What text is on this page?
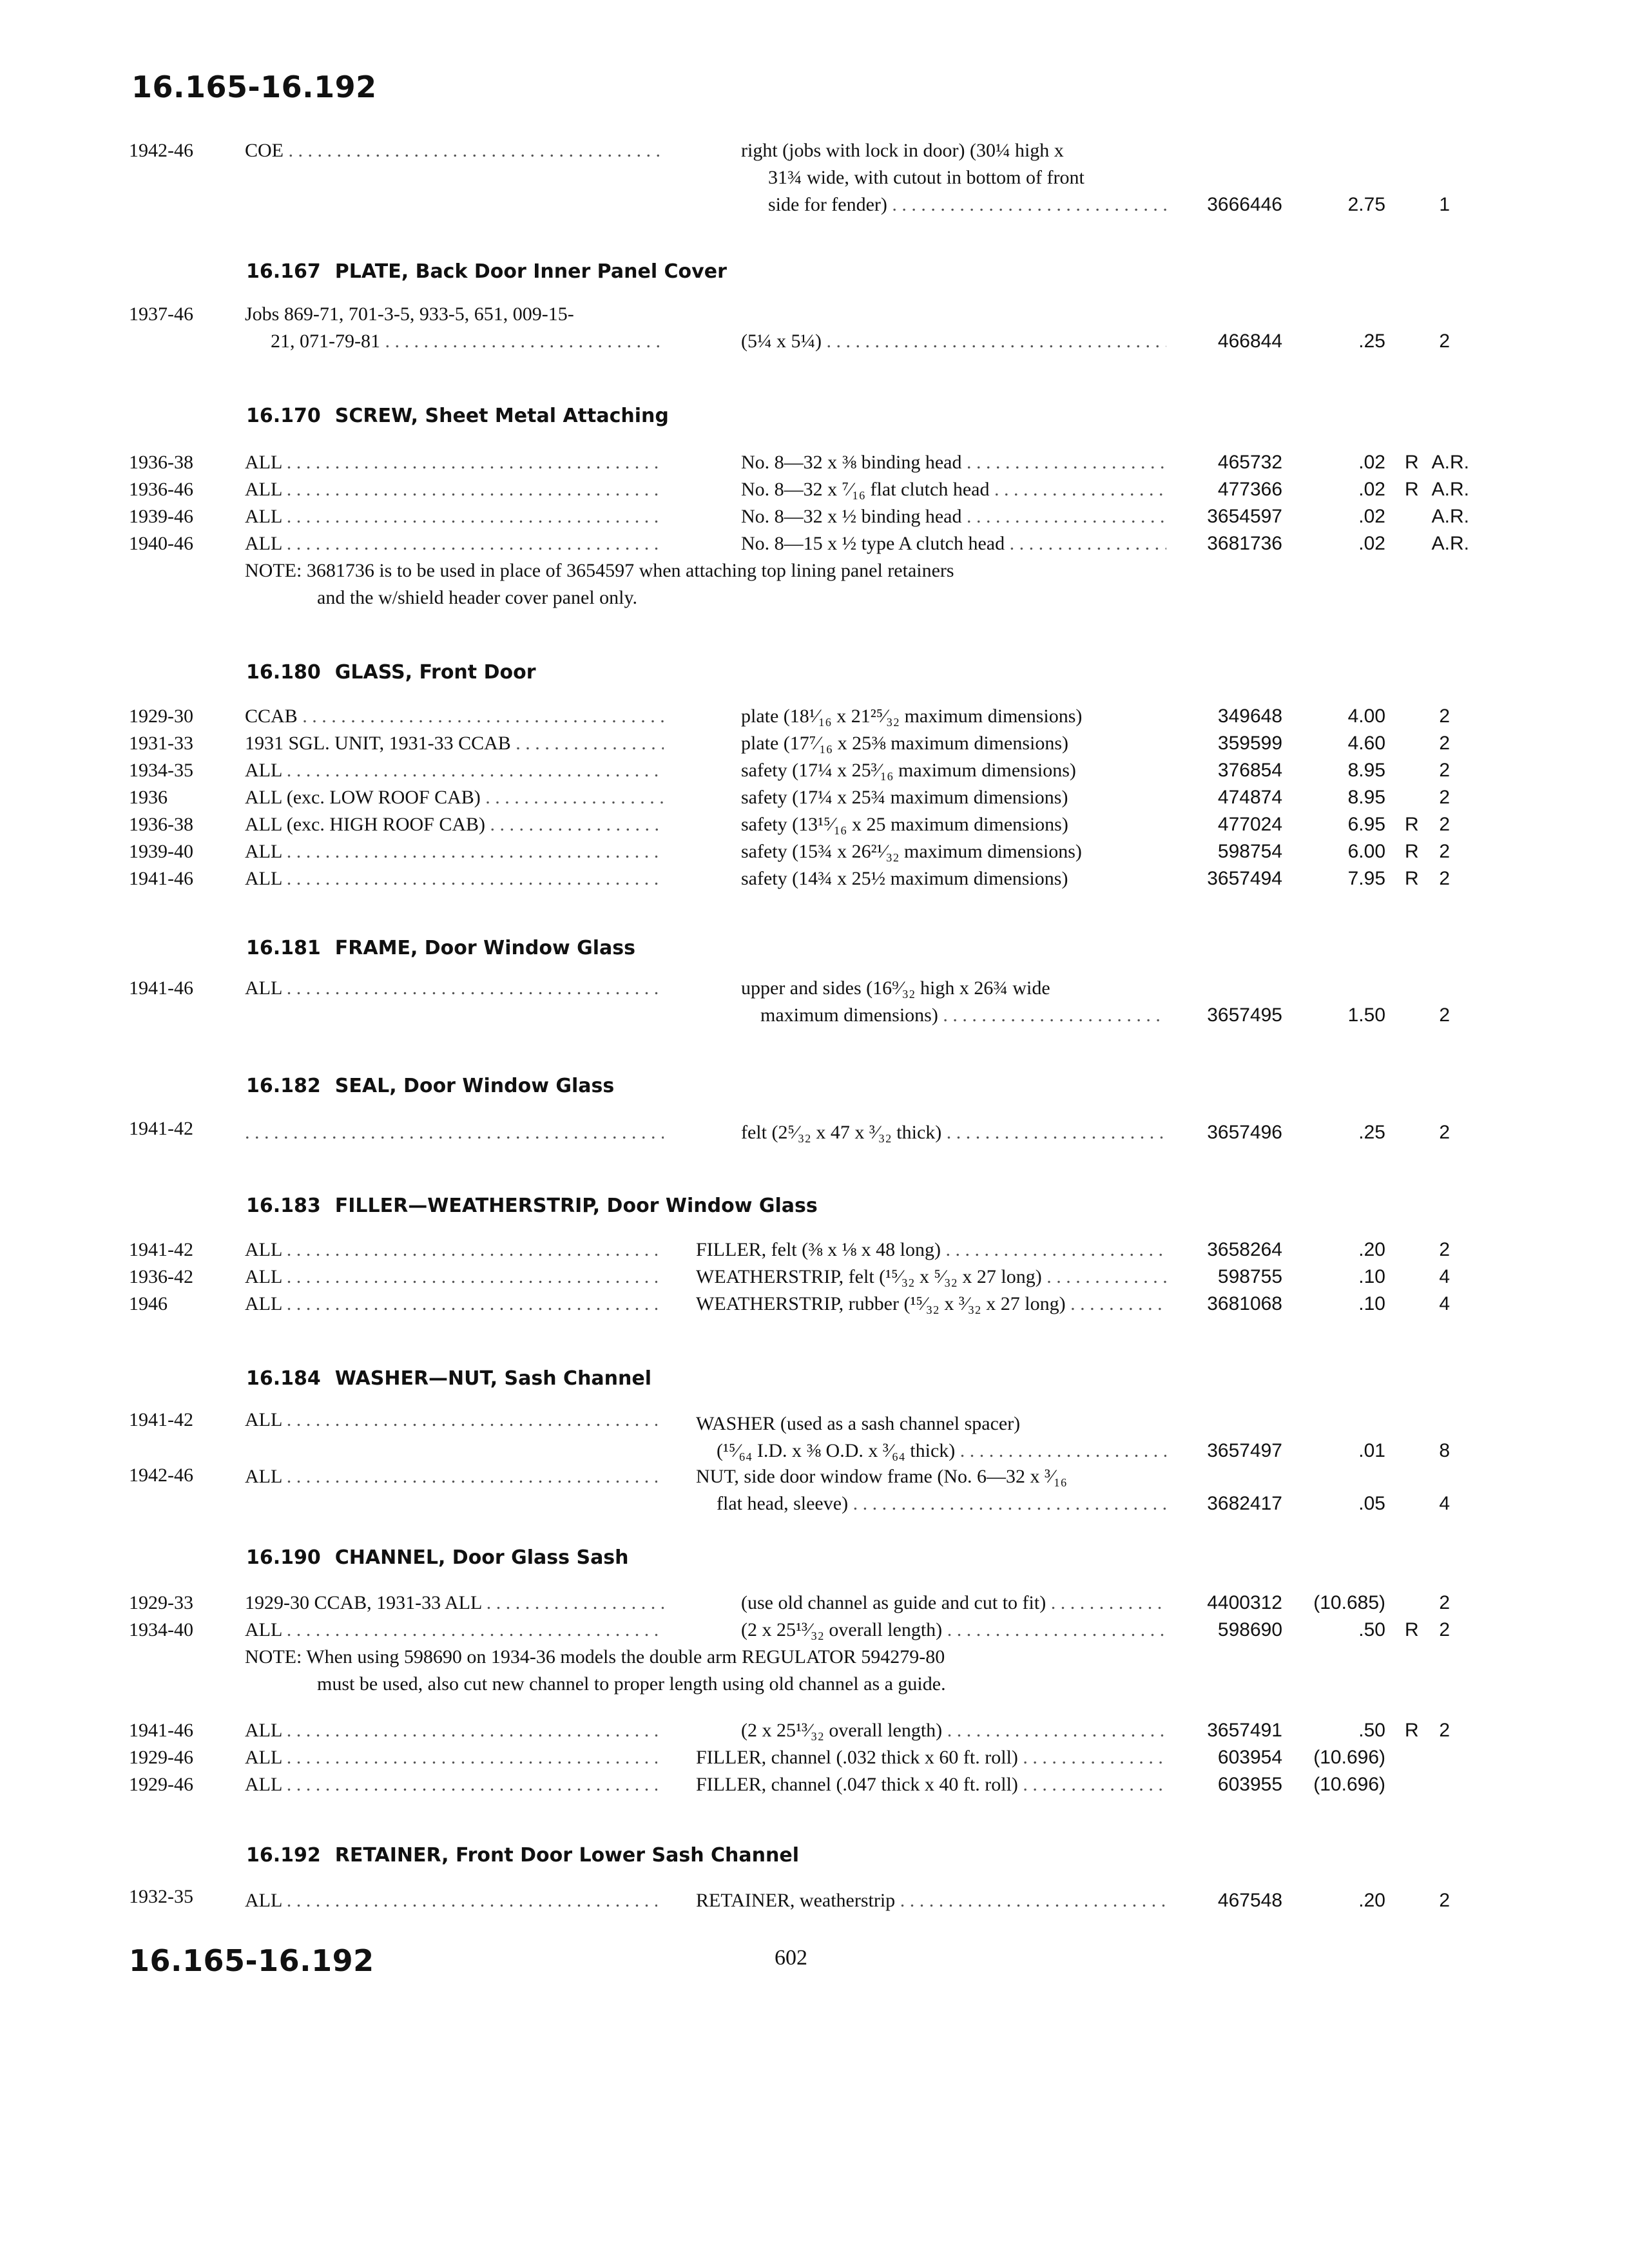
16.165-16.192
1942-46	COE . . .	right (jobs with lock in door) (30¼ high x
31¾ wide, with cutout in bottom of front
side for fender) . . .	3666446	2.75	1
16.167 PLATE, Back Door Inner Panel Cover
1937-46	Jobs 869-71, 701-3-5, 933-5, 651, 009-15-
21, 071-79-81 . . .	(5¼ x 5¼) . . .	466844	.25	2
16.170 SCREW, Sheet Metal Attaching
1936-38	ALL . . .	No. 8—32 x ⅜ binding head . . .	465732	.02 R A.R.
1936-46	ALL . . .	No. 8—32 x ⁷⁄₁₆ flat clutch head . . .	477366	.02 R A.R.
1939-46	ALL . . .	No. 8—32 x ½ binding head . . .	3654597	.02	A.R.
1940-46	ALL . . .	No. 8—15 x ½ type A clutch head . . .	3681736	.02	A.R.
NOTE: 3681736 is to be used in place of 3654597 when attaching top lining panel retainers
and the w/shield header cover panel only.
16.180 GLASS, Front Door
1929-30	CCAB . . .	plate (18¹⁄₁₆ x 21²⁵⁄₃₂ maximum dimensions)	349648	4.00	2
1931-33	1931 SGL. UNIT, 1931-33 CCAB . . .	plate (17⁷⁄₁₆ x 25⅜ maximum dimensions)	359599	4.60	2
1934-35	ALL . . .	safety (17¼ x 25³⁄₁₆ maximum dimensions)	376854	8.95	2
1936	ALL (exc. LOW ROOF CAB) . . .	safety (17¼ x 25¾ maximum dimensions)	474874	8.95	2
1936-38	ALL (exc. HIGH ROOF CAB) . . .	safety (13¹⁵⁄₁₆ x 25 maximum dimensions)	477024	6.95 R	2
1939-40	ALL . . .	safety (15¾ x 26²¹⁄₃₂ maximum dimensions)	598754	6.00 R	2
1941-46	ALL . . .	safety (14¾ x 25½ maximum dimensions)	3657494	7.95 R	2
16.181 FRAME, Door Window Glass
1941-46	ALL . . .	upper and sides (16⁹⁄₃₂ high x 26¾ wide
maximum dimensions) . . .	3657495	1.50	2
16.182 SEAL, Door Window Glass
1941-42
. . .	felt (2⁵⁄₃₂ x 47 x ³⁄₃₂ thick) . . .	3657496	.25	2
16.183 FILLER—WEATHERSTRIP, Door Window Glass
1941-42	ALL . . .	FILLER, felt (⅜ x ⅛ x 48 long) . . .	3658264	.20	2
1936-42	ALL . . .	WEATHERSTRIP, felt (¹⁵⁄₃₂ x ⁵⁄₃₂ x 27 long) . . .	598755	.10	4
1946	ALL . . .	WEATHERSTRIP, rubber (¹⁵⁄₃₂ x ³⁄₃₂ x 27 long) . . .	3681068	.10	4
16.184 WASHER—NUT, Sash Channel
1941-42	ALL . . .	WASHER (used as a sash channel spacer)
(¹⁵⁄₆₄ I.D. x ⅜ O.D. x ³⁄₆₄ thick) . . .	3657497	.01	8
1942-46	ALL . . .	NUT, side door window frame (No. 6—32 x ³⁄₁₆
flat head, sleeve) . . .	3682417	.05	4
16.190 CHANNEL, Door Glass Sash
1929-33	1929-30 CCAB, 1931-33 ALL . . .	(use old channel as guide and cut to fit) . . .	4400312	(10.685)	2
1934-40	ALL . . .	(2 x 25¹³⁄₃₂ overall length) . . .	598690	.50 R	2
NOTE: When using 598690 on 1934-36 models the double arm REGULATOR 594279-80
must be used, also cut new channel to proper length using old channel as a guide.
1941-46	ALL . . .	(2 x 25¹³⁄₃₂ overall length) . . .	3657491	.50 R	2
1929-46	ALL . . .	FILLER, channel (.032 thick x 60 ft. roll) . . .	603954	(10.696)
1929-46	ALL . . .	FILLER, channel (.047 thick x 40 ft. roll) . . .	603955	(10.696)
16.192 RETAINER, Front Door Lower Sash Channel
1932-35	ALL . . .	RETAINER, weatherstrip . . .	467548	.20	2
16.165-16.192	602
